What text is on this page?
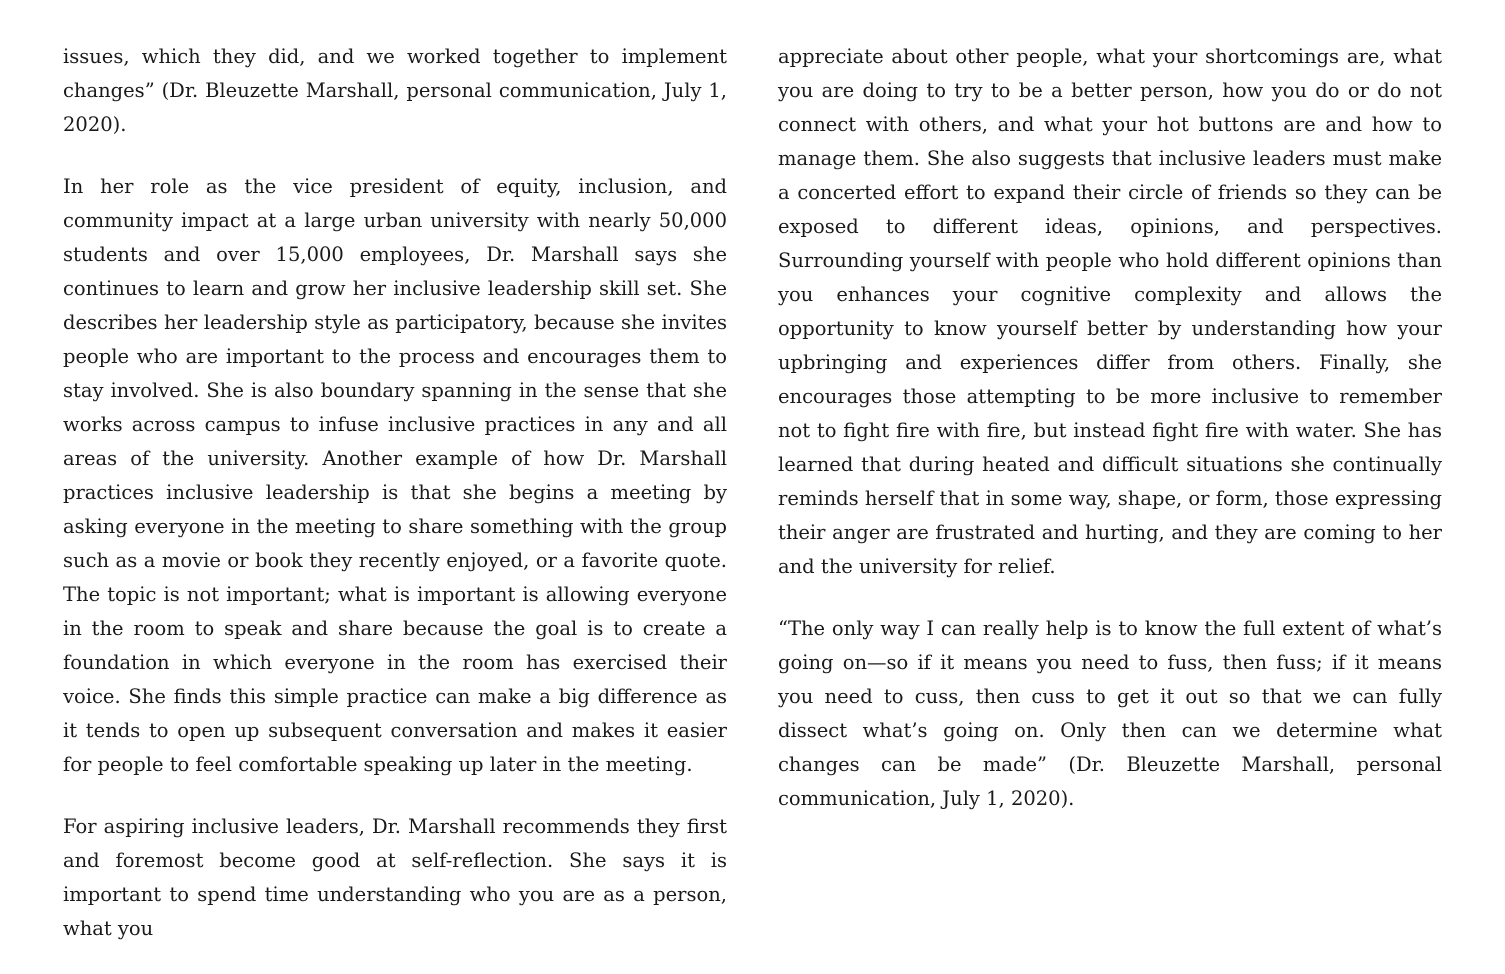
issues, which they did, and we worked together to implement changes” (Dr. Bleuzette Marshall, personal communication, July 1, 2020).

In her role as the vice president of equity, inclusion, and community impact at a large urban university with nearly 50,000 students and over 15,000 employees, Dr. Marshall says she continues to learn and grow her inclusive leadership skill set. She describes her leadership style as participatory, because she invites people who are important to the process and encourages them to stay involved. She is also boundary spanning in the sense that she works across campus to infuse inclusive practices in any and all areas of the university. Another example of how Dr. Marshall practices inclusive leadership is that she begins a meeting by asking everyone in the meeting to share something with the group such as a movie or book they recently enjoyed, or a favorite quote. The topic is not important; what is important is allowing everyone in the room to speak and share because the goal is to create a foundation in which everyone in the room has exercised their voice. She finds this simple practice can make a big difference as it tends to open up subsequent conversation and makes it easier for people to feel comfortable speaking up later in the meeting.

For aspiring inclusive leaders, Dr. Marshall recommends they first and foremost become good at self-reflection. She says it is important to spend time understanding who you are as a person, what you

appreciate about other people, what your shortcomings are, what you are doing to try to be a better person, how you do or do not connect with others, and what your hot buttons are and how to manage them. She also suggests that inclusive leaders must make a concerted effort to expand their circle of friends so they can be exposed to different ideas, opinions, and perspectives. Surrounding yourself with people who hold different opinions than you enhances your cognitive complexity and allows the opportunity to know yourself better by understanding how your upbringing and experiences differ from others. Finally, she encourages those attempting to be more inclusive to remember not to fight fire with fire, but instead fight fire with water. She has learned that during heated and difficult situations she continually reminds herself that in some way, shape, or form, those expressing their anger are frustrated and hurting, and they are coming to her and the university for relief.

“The only way I can really help is to know the full extent of what’s going on—so if it means you need to fuss, then fuss; if it means you need to cuss, then cuss to get it out so that we can fully dissect what’s going on. Only then can we determine what changes can be made” (Dr. Bleuzette Marshall, personal communication, July 1, 2020).
